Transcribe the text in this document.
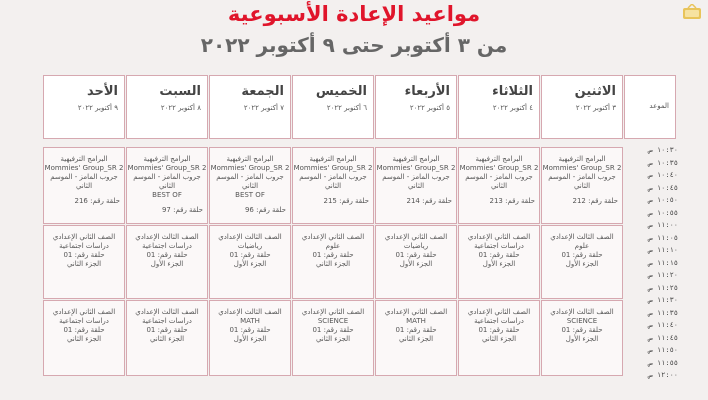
مواعيد الإعادة الأسبوعية
من ٣ أكتوبر حتى ٩ أكتوبر ٢٠٢٢
الموعد
الاثنين
٣ أكتوبر ٢٠٢٢
الثلاثاء
٤ أكتوبر ٢٠٢٢
الأربعاء
٥ أكتوبر ٢٠٢٢
الخميس
٦ أكتوبر ٢٠٢٢
الجمعة
٧ أكتوبر ٢٠٢٢
السبت
٨ أكتوبر ٢٠٢٢
الأحد
٩ أكتوبر ٢٠٢٢
البرامج الترفيهية
Mommies' Group_SR 2
جروب المامز - الموسم
الثاني
حلقة رقم: 212
البرامج الترفيهية
Mommies' Group_SR 2
جروب المامز - الموسم
الثاني
حلقة رقم: 213
البرامج الترفيهية
Mommies' Group_SR 2
جروب المامز - الموسم
الثاني
حلقة رقم: 214
البرامج الترفيهية
Mommies' Group_SR 2
جروب المامز - الموسم
الثاني
حلقة رقم: 215
البرامج الترفيهية
Mommies' Group_SR 2
جروب المامز - الموسم
الثاني
BEST OF
حلقة رقم: 96
البرامج الترفيهية
Mommies' Group_SR 2
جروب المامز - الموسم
الثاني
BEST OF
حلقة رقم: 97
البرامج الترفيهية
Mommies' Group_SR 2
جروب المامز - الموسم
الثاني
حلقة رقم: 216
الصف الثالث الإعدادي
علوم
حلقة رقم: 01
الجزء الأول
الصف الثاني الإعدادي
دراسات اجتماعية
حلقة رقم: 01
الجزء الأول
الصف الثاني الإعدادي
رياضيات
حلقة رقم: 01
الجزء الأول
الصف الثاني الإعدادي
علوم
حلقة رقم: 01
الجزء الثاني
الصف الثالث الإعدادي
رياضيات
حلقة رقم: 01
الجزء الأول
الصف الثالث الإعدادي
دراسات اجتماعية
حلقة رقم: 01
الجزء الأول
الصف الثاني الإعدادي
دراسات اجتماعية
حلقة رقم: 01
الجزء الثاني
الصف الثالث الإعدادي
SCIENCE
حلقة رقم: 01
الجزء الأول
الصف الثاني الإعدادي
دراسات اجتماعية
حلقة رقم: 01
الجزء الثاني
الصف الثاني الإعدادي
MATH
حلقة رقم: 01
الجزء الثاني
الصف الثاني الإعدادي
SCIENCE
حلقة رقم: 01
الجزء الثاني
الصف الثالث الإعدادي
MATH
حلقة رقم: 01
الجزء الأول
الصف الثالث الإعدادي
دراسات اجتماعية
حلقة رقم: 01
الجزء الثاني
الصف الثاني الإعدادي
دراسات اجتماعية
حلقة رقم: 01
الجزء الثاني
١٠:٣٠ ص
١٠:٣٥ ص
١٠:٤٠ ص
١٠:٤٥ ص
١٠:٥٠ ص
١٠:٥٥ ص
١١:٠٠ ص
١١:٠٥ ص
١١:١٠ ص
١١:١٥ ص
١١:٢٠ ص
١١:٢٥ ص
١١:٣٠ ص
١١:٣٥ ص
١١:٤٠ ص
١١:٤٥ ص
١١:٥٠ ص
١١:٥٥ ص
١٢:٠٠ ص
